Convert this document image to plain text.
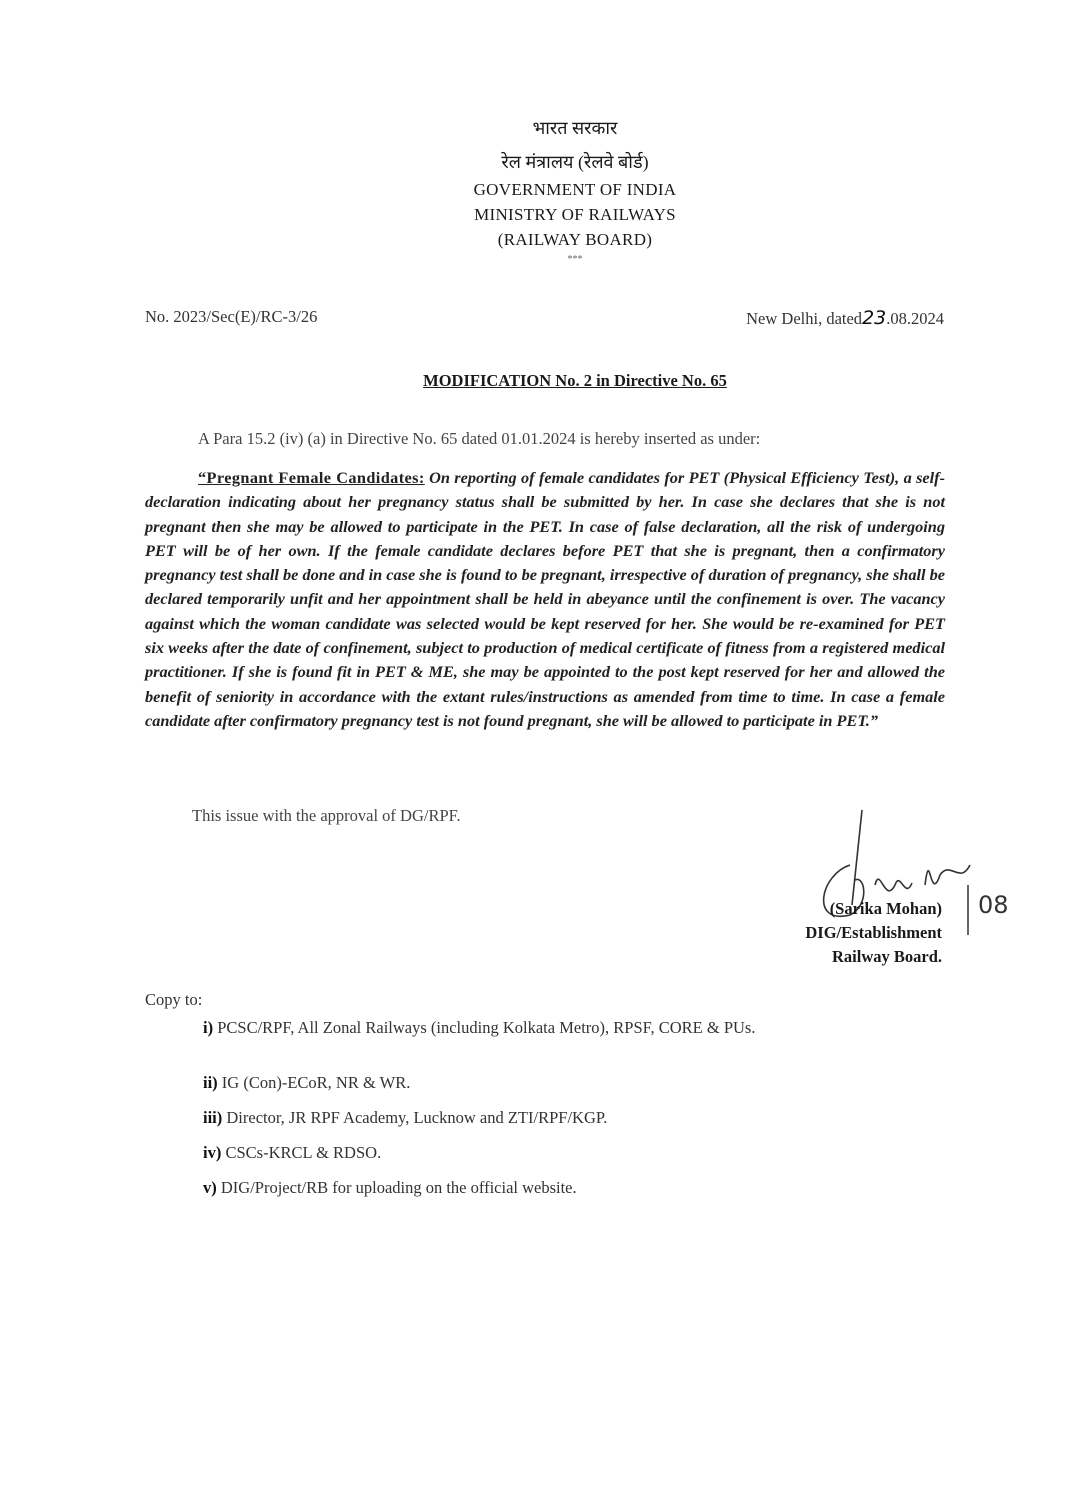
भारत सरकार
रेल मंत्रालय (रेलवे बोर्ड)
GOVERNMENT OF INDIA
MINISTRY OF RAILWAYS
(RAILWAY BOARD)
***
No. 2023/Sec(E)/RC-3/26	New Delhi, dated23.08.2024
MODIFICATION No. 2 in Directive No. 65
A Para 15.2 (iv) (a) in Directive No. 65 dated 01.01.2024 is hereby inserted as under:
“Pregnant Female Candidates: On reporting of female candidates for PET (Physical Efficiency Test), a self-declaration indicating about her pregnancy status shall be submitted by her. In case she declares that she is not pregnant then she may be allowed to participate in the PET. In case of false declaration, all the risk of undergoing PET will be of her own. If the female candidate declares before PET that she is pregnant, then a confirmatory pregnancy test shall be done and in case she is found to be pregnant, irrespective of duration of pregnancy, she shall be declared temporarily unfit and her appointment shall be held in abeyance until the confinement is over. The vacancy against which the woman candidate was selected would be kept reserved for her. She would be re-examined for PET six weeks after the date of confinement, subject to production of medical certificate of fitness from a registered medical practitioner. If she is found fit in PET & ME, she may be appointed to the post kept reserved for her and allowed the benefit of seniority in accordance with the extant rules/instructions as amended from time to time. In case a female candidate after confirmatory pregnancy test is not found pregnant, she will be allowed to participate in PET.”
This issue with the approval of DG/RPF.
08
(Sarika Mohan)
DIG/Establishment
Railway Board.
Copy to:
i) PCSC/RPF, All Zonal Railways (including Kolkata Metro), RPSF, CORE & PUs.
ii) IG (Con)-ECoR, NR & WR.
iii) Director, JR RPF Academy, Lucknow and ZTI/RPF/KGP.
iv) CSCs-KRCL & RDSO.
v) DIG/Project/RB for uploading on the official website.
